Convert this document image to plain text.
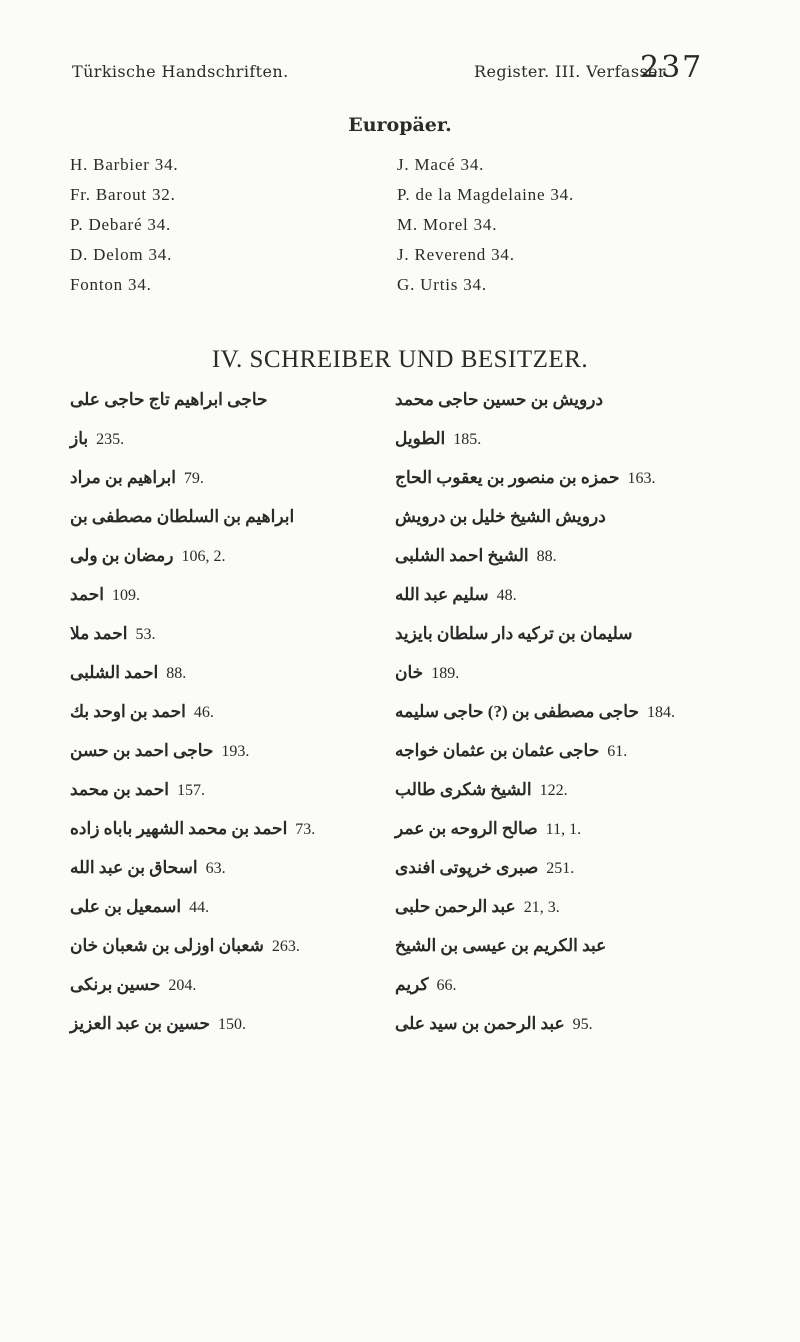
Türkische Handschriften.	Register. III. Verfasser.
237
Europäer.
H. Barbier 34.
Fr. Barout 32.
P. Debaré 34.
D. Delom 34.
Fonton 34.
J. Macé 34.
P. de la Magdelaine 34.
M. Morel 34.
J. Reverend 34.
G. Urtis 34.
IV. SCHREIBER UND BESITZER.
حاجى ابراهيم تاج حاجى على
باز 235.
ابراهيم بن مراد 79.
ابراهيم بن السلطان مصطفى بن
رمضان بن ولى 106, 2.
احمد 109.
احمد ملا 53.
احمد الشلبى 88.
احمد بن اوحد بك 46.
حاجى احمد بن حسن 193.
احمد بن محمد 157.
احمد بن محمد الشهير باباه زاده 73.
اسحاق بن عبد الله 63.
اسمعيل بن على 44.
شعبان اوزلى بن شعبان خان 263.
حسين برنكى 204.
حسين بن عبد العزيز 150.
درويش بن حسين حاجى محمد
الطويل 185.
حمزه بن منصور بن يعقوب الحاج 163.
درويش الشيخ خليل بن درويش
الشيخ احمد الشلبى 88.
سليم عبد الله 48.
سليمان بن تركيه دار سلطان بايزيد
خان 189.
حاجى مصطفى بن (?) حاجى سليمه 184.
حاجى عثمان بن عثمان خواجه 61.
الشيخ شكرى طالب 122.
صالح الروحه بن عمر 11, 1.
صبرى خرپوتى افندى 251.
عبد الرحمن حلبى 21, 3.
عبد الكريم بن عيسى بن الشيخ
كريم 66.
عبد الرحمن بن سيد على 95.
